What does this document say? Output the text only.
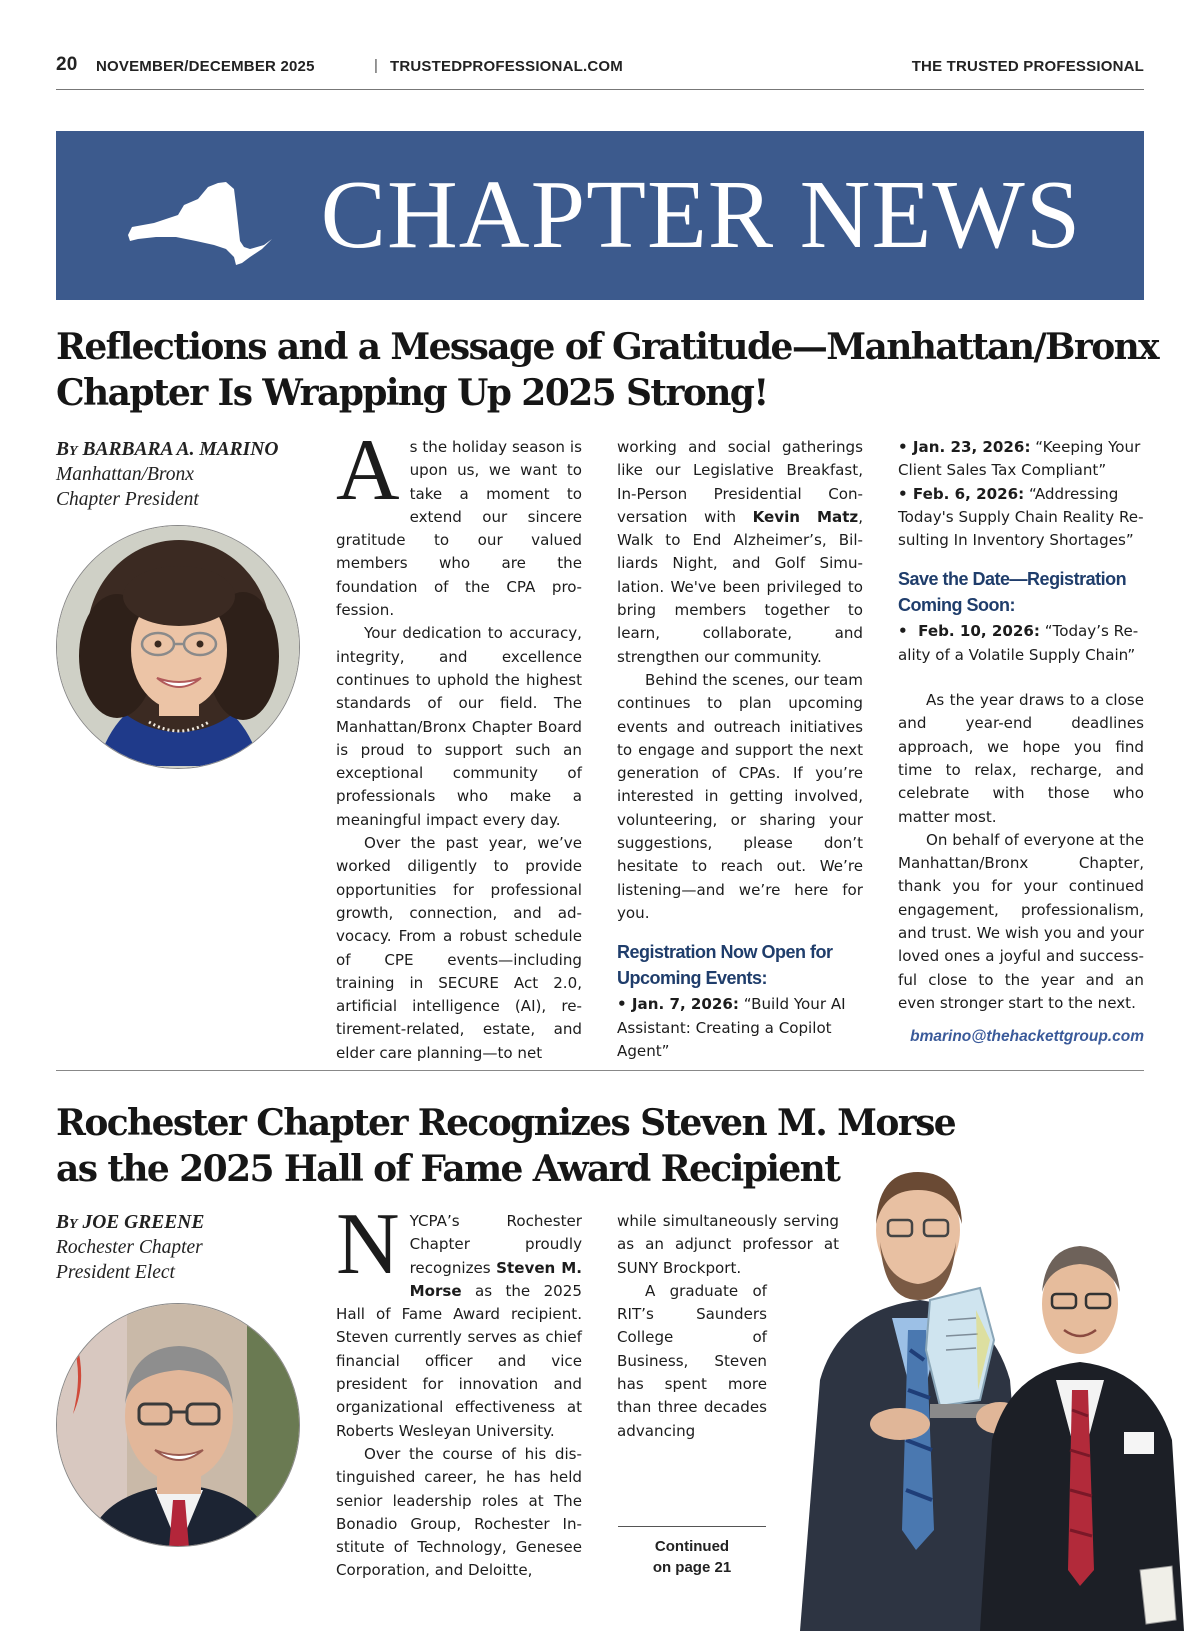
20 NOVEMBER/DECEMBER 2025	| TRUSTEDPROFESSIONAL.COM	THE TRUSTED PROFESSIONAL
CHAPTER NEWS
Reflections and a Message of Gratitude—Manhattan/Bronx
Chapter Is Wrapping Up 2025 Strong!
By BARBARA A. MARINO
Manhattan/Bronx
Chapter President	As the holiday season is upon us, we want to take a moment to extend our sincere gratitude to our valued members who are the foundation of the CPA profession.

Your dedication to accuracy, integrity, and excellence continues to uphold the highest standards of our field. The Manhattan/Bronx Chapter Board is proud to support such an exceptional community of professionals who make a meaningful impact every day.

Over the past year, we’ve worked diligently to provide opportunities for professional growth, connection, and advocacy. From a robust schedule of CPE events—including training in SECURE Act 2.0, artificial intelligence (AI), retirement-related, estate, and elder care planning—to net

working and social gatherings like our Legislative Breakfast, In-Person Presidential Conversation with Kevin Matz, Walk to End Alzheimer’s, Billiards Night, and Golf Simulation. We've been privileged to bring members together to learn, collaborate, and strengthen our community.

Behind the scenes, our team continues to plan upcoming events and outreach initiatives to engage and support the next generation of CPAs. If you’re interested in getting involved, volunteering, or sharing your suggestions, please don’t hesitate to reach out. We’re listening—and we’re here for you.

Registration Now Open for Upcoming Events:

• Jan. 7, 2026: “Build Your AI Assistant: Creating a Copilot Agent”

• Jan. 23, 2026: “Keeping Your Client Sales Tax Compliant”

• Feb. 6, 2026: “Addressing Today's Supply Chain Reality Resulting In Inventory Shortages”

Save the Date—Registration Coming Soon:

•  Feb. 10, 2026: “Today’s Reality of a Volatile Supply Chain”

As the year draws to a close and year-end deadlines approach, we hope you find time to relax, recharge, and celebrate with those who matter most.

On behalf of everyone at the Manhattan/Bronx Chapter, thank you for your continued engagement, professionalism, and trust. We wish you and your loved ones a joyful and successful close to the year and an even stronger start to the next.

bmarino@thehackettgroup.com
Rochester Chapter Recognizes Steven M. Morse
as the 2025 Hall of Fame Award Recipient
By JOE GREENE
Rochester Chapter
President Elect	NYCPA’s Rochester Chapter proudly recognizes Steven M. Morse as the 2025 Hall of Fame Award recipient. Steven currently serves as chief financial officer and vice president for innovation and organizational effectiveness at Roberts Wesleyan University.

Over the course of his distinguished career, he has held senior leadership roles at The Bonadio Group, Rochester Institute of Technology, Genesee Corporation, and Deloitte,

while simultaneously serving as an adjunct professor at SUNY Brockport.

A graduate of RIT’s Saunders College of Business, Steven has spent more than three decades advancing

Continued
on page 21
